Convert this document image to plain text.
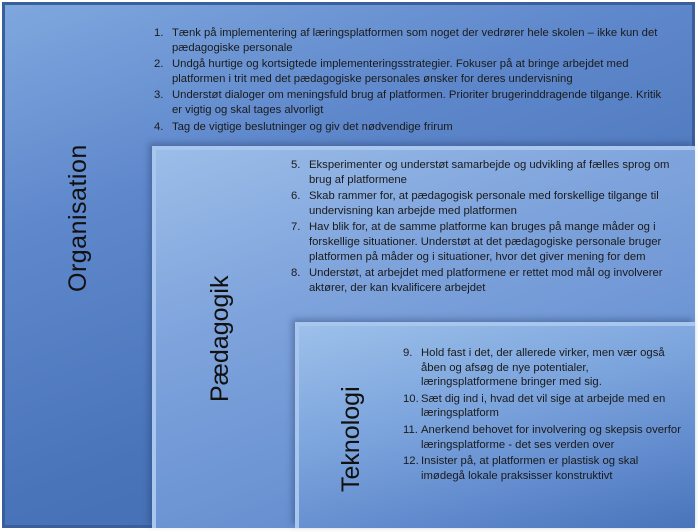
Organisation
Pædagogik
Teknologi
1. Tænk på implementering af læringsplatformen som noget der vedrører hele skolen – ikke kun det pædagogiske personale
2. Undgå hurtige og kortsigtede implementeringsstrategier. Fokuser på at bringe arbejdet med platformen i trit med det pædagogiske personales ønsker for deres undervisning
3. Understøt dialoger om meningsfuld brug af platformen. Prioriter brugerinddragende tilgange. Kritik er vigtig og skal tages alvorligt
4. Tag de vigtige beslutninger og giv det nødvendige frirum
5. Eksperimenter og understøt samarbejde og udvikling af fælles sprog om brug af platformene
6. Skab rammer for, at pædagogisk personale med forskellige tilgange til undervisning kan arbejde med platformen
7. Hav blik for, at de samme platforme kan bruges på mange måder og i forskellige situationer. Understøt at det pædagogiske personale bruger platformen på måder og i situationer, hvor det giver mening for dem
8. Understøt, at arbejdet med platformene er rettet mod mål og involverer aktører, der kan kvalificere arbejdet
9. Hold fast i det, der allerede virker, men vær også åben og afsøg de nye potentialer, læringsplatformene bringer med sig.
10. Sæt dig ind i, hvad det vil sige at arbejde med en læringsplatform
11. Anerkend behovet for involvering og skepsis overfor læringsplatforme - det ses verden over
12. Insister på, at platformen er plastisk og skal imødegå lokale praksisser konstruktivt
